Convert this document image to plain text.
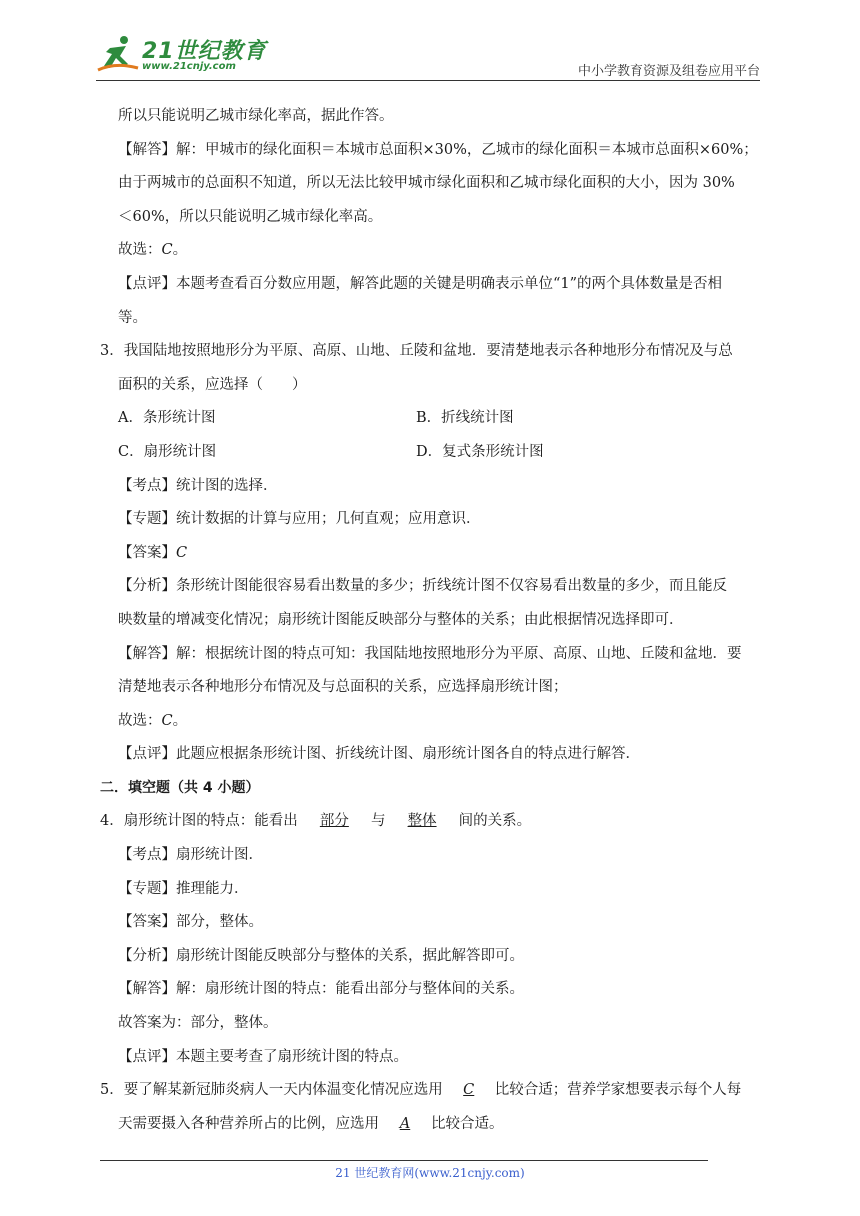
21世纪教育
www.21cnjy.com	中小学教育资源及组卷应用平台
所以只能说明乙城市绿化率高，据此作答。
【解答】解：甲城市的绿化面积＝本城市总面积×30%，乙城市的绿化面积＝本城市总面积×60%；
由于两城市的总面积不知道，所以无法比较甲城市绿化面积和乙城市绿化面积的大小，因为 30%
＜60%，所以只能说明乙城市绿化率高。
故选：C。
【点评】本题考查看百分数应用题，解答此题的关键是明确表示单位“1”的两个具体数量是否相
等。
3．我国陆地按照地形分为平原、高原、山地、丘陵和盆地．要清楚地表示各种地形分布情况及与总
面积的关系，应选择（　　）
A．条形统计图	B．折线统计图
C．扇形统计图	D．复式条形统计图
【考点】统计图的选择．
【专题】统计数据的计算与应用；几何直观；应用意识．
【答案】C
【分析】条形统计图能很容易看出数量的多少；折线统计图不仅容易看出数量的多少，而且能反
映数量的增减变化情况；扇形统计图能反映部分与整体的关系；由此根据情况选择即可．
【解答】解：根据统计图的特点可知：我国陆地按照地形分为平原、高原、山地、丘陵和盆地．要
清楚地表示各种地形分布情况及与总面积的关系，应选择扇形统计图；
故选：C。
【点评】此题应根据条形统计图、折线统计图、扇形统计图各自的特点进行解答．
二．填空题（共 4 小题）
4．扇形统计图的特点：能看出 部分 与 整体 间的关系。
【考点】扇形统计图．
【专题】推理能力．
【答案】部分，整体。
【分析】扇形统计图能反映部分与整体的关系，据此解答即可。
【解答】解：扇形统计图的特点：能看出部分与整体间的关系。
故答案为：部分，整体。
【点评】本题主要考查了扇形统计图的特点。
5．要了解某新冠肺炎病人一天内体温变化情况应选用 C 比较合适；营养学家想要表示每个人每
天需要摄入各种营养所占的比例，应选用 A 比较合适。
21 世纪教育网(www.21cnjy.com)
